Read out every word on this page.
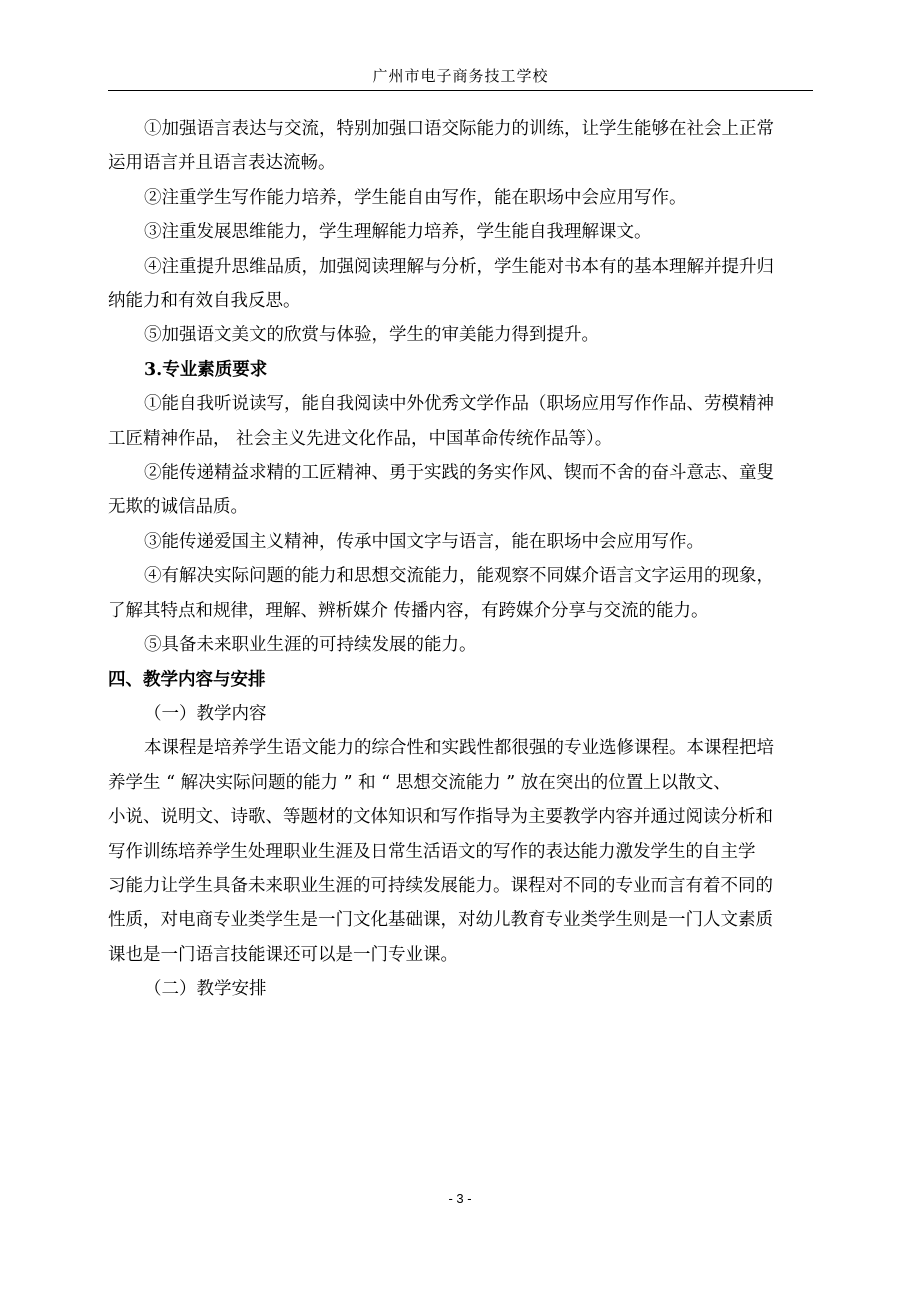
广州市电子商务技工学校

①加强语言表达与交流，特别加强口语交际能力的训练，让学生能够在社会上正常

运用语言并且语言表达流畅。

②注重学生写作能力培养，学生能自由写作，能在职场中会应用写作。

③注重发展思维能力，学生理解能力培养，学生能自我理解课文。

④注重提升思维品质，加强阅读理解与分析，学生能对书本有的基本理解并提升归

纳能力和有效自我反思。

⑤加强语文美文的欣赏与体验，学生的审美能力得到提升。

3.专业素质要求

①能自我听说读写，能自我阅读中外优秀文学作品（职场应用写作作品、劳模精神

工匠精神作品， 社会主义先进文化作品，中国革命传统作品等）。

②能传递精益求精的工匠精神、勇于实践的务实作风、锲而不舍的奋斗意志、童叟

无欺的诚信品质。

③能传递爱国主义精神，传承中国文字与语言，能在职场中会应用写作。

④有解决实际问题的能力和思想交流能力，能观察不同媒介语言文字运用的现象，

了解其特点和规律，理解、辨析媒介 传播内容，有跨媒介分享与交流的能力。

⑤具备未来职业生涯的可持续发展的能力。

四、教学内容与安排

（一）教学内容

本课程是培养学生语文能力的综合性和实践性都很强的专业选修课程。本课程把培

养学生 “ 解决实际问题的能力 ” 和 “ 思想交流能力 ” 放在突出的位置上以散文、

小说、说明文、诗歌、等题材的文体知识和写作指导为主要教学内容并通过阅读分析和

写作训练培养学生处理职业生涯及日常生活语文的写作的表达能力激发学生的自主学

习能力让学生具备未来职业生涯的可持续发展能力。课程对不同的专业而言有着不同的

性质，对电商专业类学生是一门文化基础课，对幼儿教育专业类学生则是一门人文素质

课也是一门语言技能课还可以是一门专业课。

（二）教学安排

- 3 -
